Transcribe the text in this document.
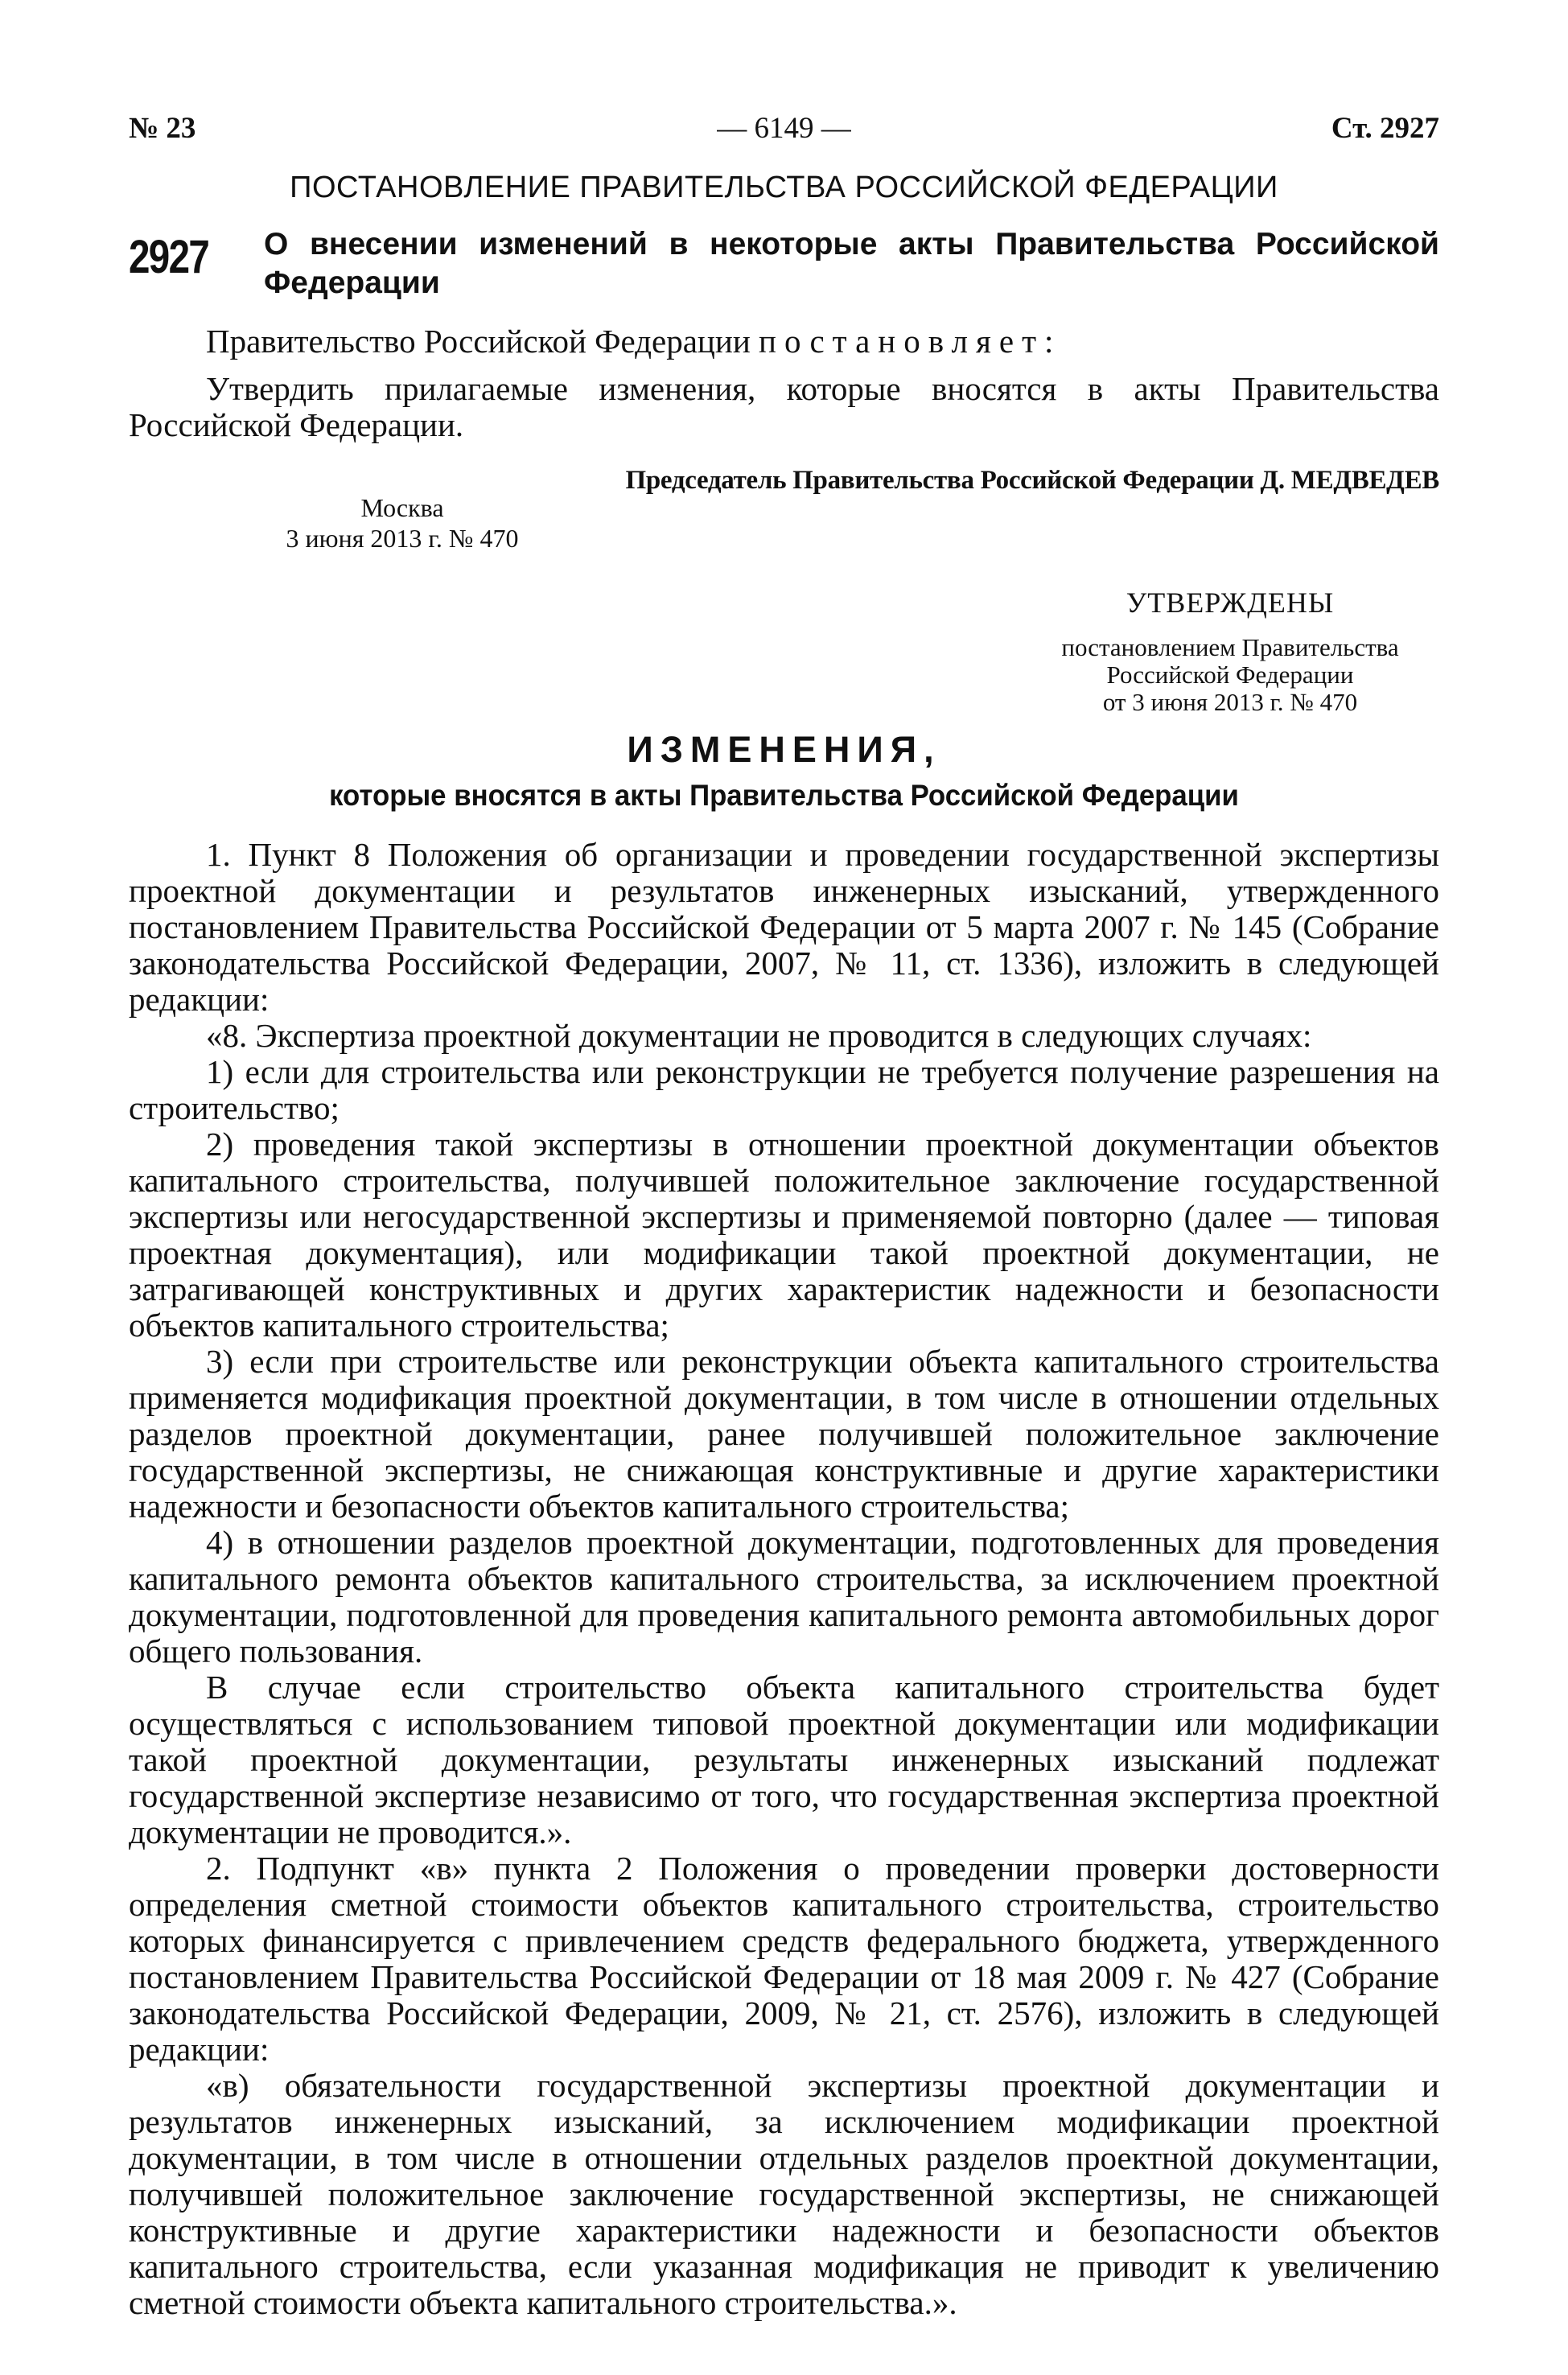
№ 23	— 6149 —	Ст. 2927
ПОСТАНОВЛЕНИЕ ПРАВИТЕЛЬСТВА РОССИЙСКОЙ ФЕДЕРАЦИИ
2927 О внесении изменений в некоторые акты Правительства Российской Федерации

Правительство Российской Федерации постановляет:

Утвердить прилагаемые изменения, которые вносятся в акты Правительства Российской Федерации.

Председатель Правительства Российской Федерации Д. МЕДВЕДЕВ
Москва
3 июня 2013 г. № 470
УТВЕРЖДЕНЫ
постановлением Правительства
Российской Федерации
от 3 июня 2013 г. № 470
ИЗМЕНЕНИЯ,
которые вносятся в акты Правительства Российской Федерации

1. Пункт 8 Положения об организации и проведении государственной экспертизы проектной документации и результатов инженерных изысканий, утвержденного постановлением Правительства Российской Федерации от 5 марта 2007 г. № 145 (Собрание законодательства Российской Федерации, 2007, № 11, ст. 1336), изложить в следующей редакции:

«8. Экспертиза проектной документации не проводится в следующих случаях:

1) если для строительства или реконструкции не требуется получение разрешения на строительство;

2) проведения такой экспертизы в отношении проектной документации объектов капитального строительства, получившей положительное заключение государственной экспертизы или негосударственной экспертизы и применяемой повторно (далее — типовая проектная документация), или модификации такой проектной документации, не затрагивающей конструктивных и других характеристик надежности и безопасности объектов капитального строительства;

3) если при строительстве или реконструкции объекта капитального строительства применяется модификация проектной документации, в том числе в отношении отдельных разделов проектной документации, ранее получившей положительное заключение государственной экспертизы, не снижающая конструктивные и другие характеристики надежности и безопасности объектов капитального строительства;

4) в отношении разделов проектной документации, подготовленных для проведения капитального ремонта объектов капитального строительства, за исключением проектной документации, подготовленной для проведения капитального ремонта автомобильных дорог общего пользования.

В случае если строительство объекта капитального строительства будет осуществляться с использованием типовой проектной документации или модификации такой проектной документации, результаты инженерных изысканий подлежат государственной экспертизе независимо от того, что государственная экспертиза проектной документации не проводится.».

2. Подпункт «в» пункта 2 Положения о проведении проверки достоверности определения сметной стоимости объектов капитального строительства, строительство которых финансируется с привлечением средств федерального бюджета, утвержденного постановлением Правительства Российской Федерации от 18 мая 2009 г. № 427 (Собрание законодательства Российской Федерации, 2009, № 21, ст. 2576), изложить в следующей редакции:

«в) обязательности государственной экспертизы проектной документации и результатов инженерных изысканий, за исключением модификации проектной документации, в том числе в отношении отдельных разделов проектной документации, получившей положительное заключение государственной экспертизы, не снижающей конструктивные и другие характеристики надежности и безопасности объектов капитального строительства, если указанная модификация не приводит к увеличению сметной стоимости объекта капитального строительства.».
